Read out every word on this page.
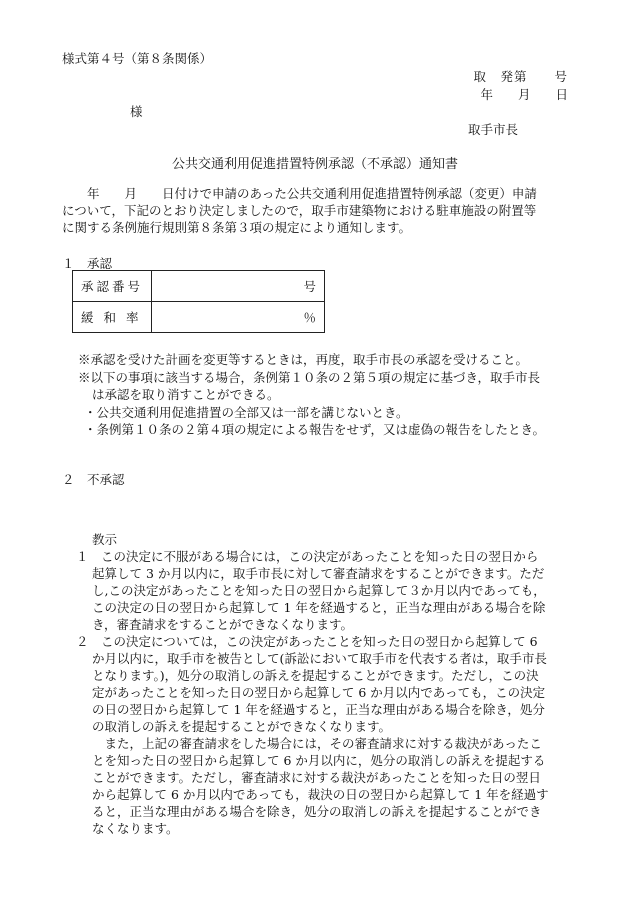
様式第４号（第８条関係）
取　発第　　号
年　　月　　日
様
取手市長
公共交通利用促進措置特例承認（不承認）通知書

　　年　　月　　日付けで申請のあった公共交通利用促進措置特例承認（変更）申請

について，下記のとおり決定しましたので，取手市建築物における駐車施設の附置等

に関する条例施行規則第８条第３項の規定により通知します。

１　承認
承認番号	号
緩 和 率	％
※承認を受けた計画を変更等するときは，再度，取手市長の承認を受けること。
※以下の事項に該当する場合，条例第１０条の２第５項の規定に基づき，取手市長
は承認を取り消すことができる。
・公共交通利用促進措置の全部又は一部を講じないとき。
・条例第１０条の２第４項の規定による報告をせず，又は虚偽の報告をしたとき。
２　不承認
教示
１　この決定に不服がある場合には，この決定があったことを知った日の翌日から
起算して 3 か月以内に，取手市長に対して審査請求をすることができます。ただ
し,この決定があったことを知った日の翌日から起算して３か月以内であっても，
この決定の日の翌日から起算して 1 年を経過すると，正当な理由がある場合を除
き，審査請求をすることができなくなります。
２　この決定については，この決定があったことを知った日の翌日から起算して 6
か月以内に，取手市を被告として(訴訟において取手市を代表する者は，取手市長
となります。)，処分の取消しの訴えを提起することができます。ただし，この決
定があったことを知った日の翌日から起算して 6 か月以内であっても，この決定
の日の翌日から起算して 1 年を経過すると，正当な理由がある場合を除き，処分
の取消しの訴えを提起することができなくなります。
　また，上記の審査請求をした場合には，その審査請求に対する裁決があったこ
とを知った日の翌日から起算して 6 か月以内に，処分の取消しの訴えを提起する
ことができます。ただし，審査請求に対する裁決があったことを知った日の翌日
から起算して 6 か月以内であっても，裁決の日の翌日から起算して 1 年を経過す
ると，正当な理由がある場合を除き，処分の取消しの訴えを提起することができ
なくなります。
